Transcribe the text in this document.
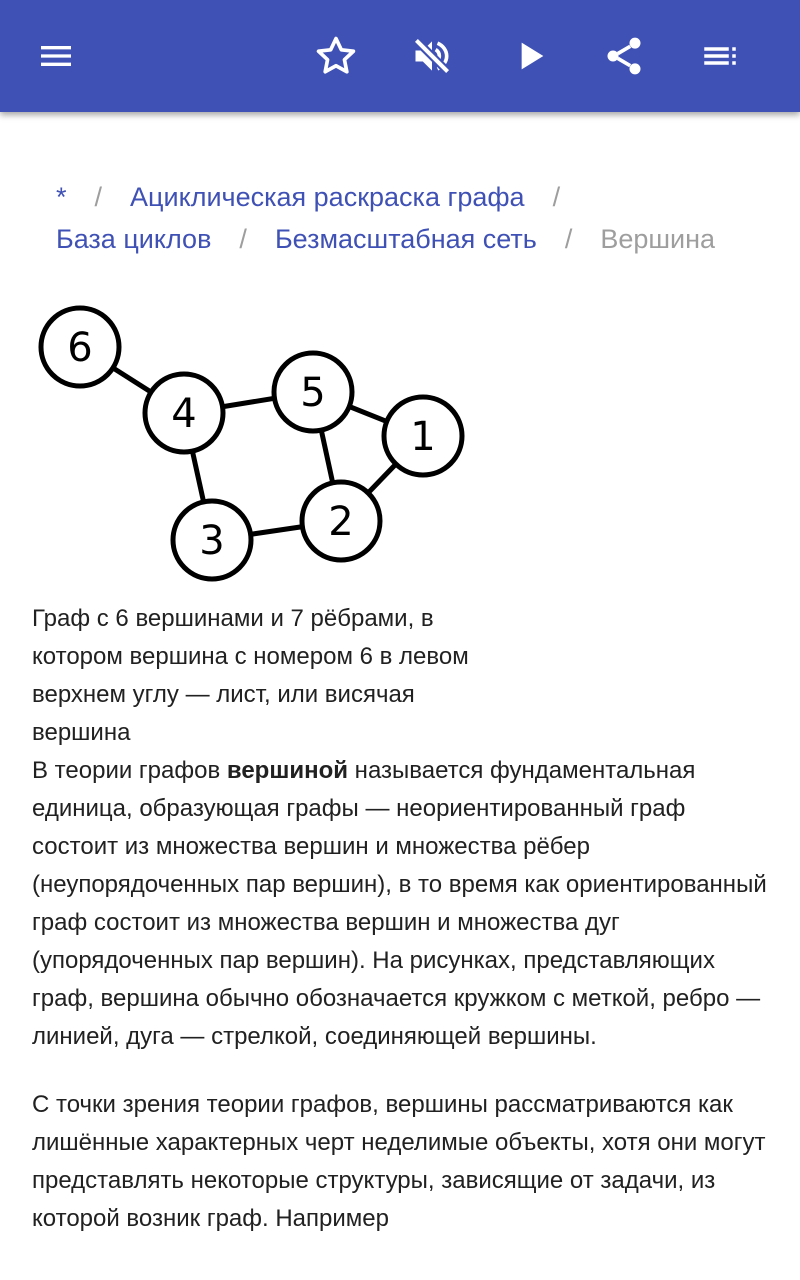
* / Ациклическая раскраска графа /
База циклов / Безмасштабная сеть / Вершина
6
4	5
1
2
3
Граф с 6 вершинами и 7 рёбрами, в котором вершина с номером 6 в левом верхнем углу — лист, или висячая вершина

В теории графов вершиной называется фундаментальная единица, образующая графы — неориентированный граф состоит из множества вершин и множества рёбер (неупорядоченных пар вершин), в то время как ориентированный граф состоит из множества вершин и множества дуг (упорядоченных пар вершин). На рисунках, представляющих граф, вершина обычно обозначается кружком с меткой, ребро — линией, дуга — стрелкой, соединяющей вершины.

С точки зрения теории графов, вершины рассматриваются как лишённые характерных черт неделимые объекты, хотя они могут представлять некоторые структуры, зависящие от задачи, из которой возник граф. Например
